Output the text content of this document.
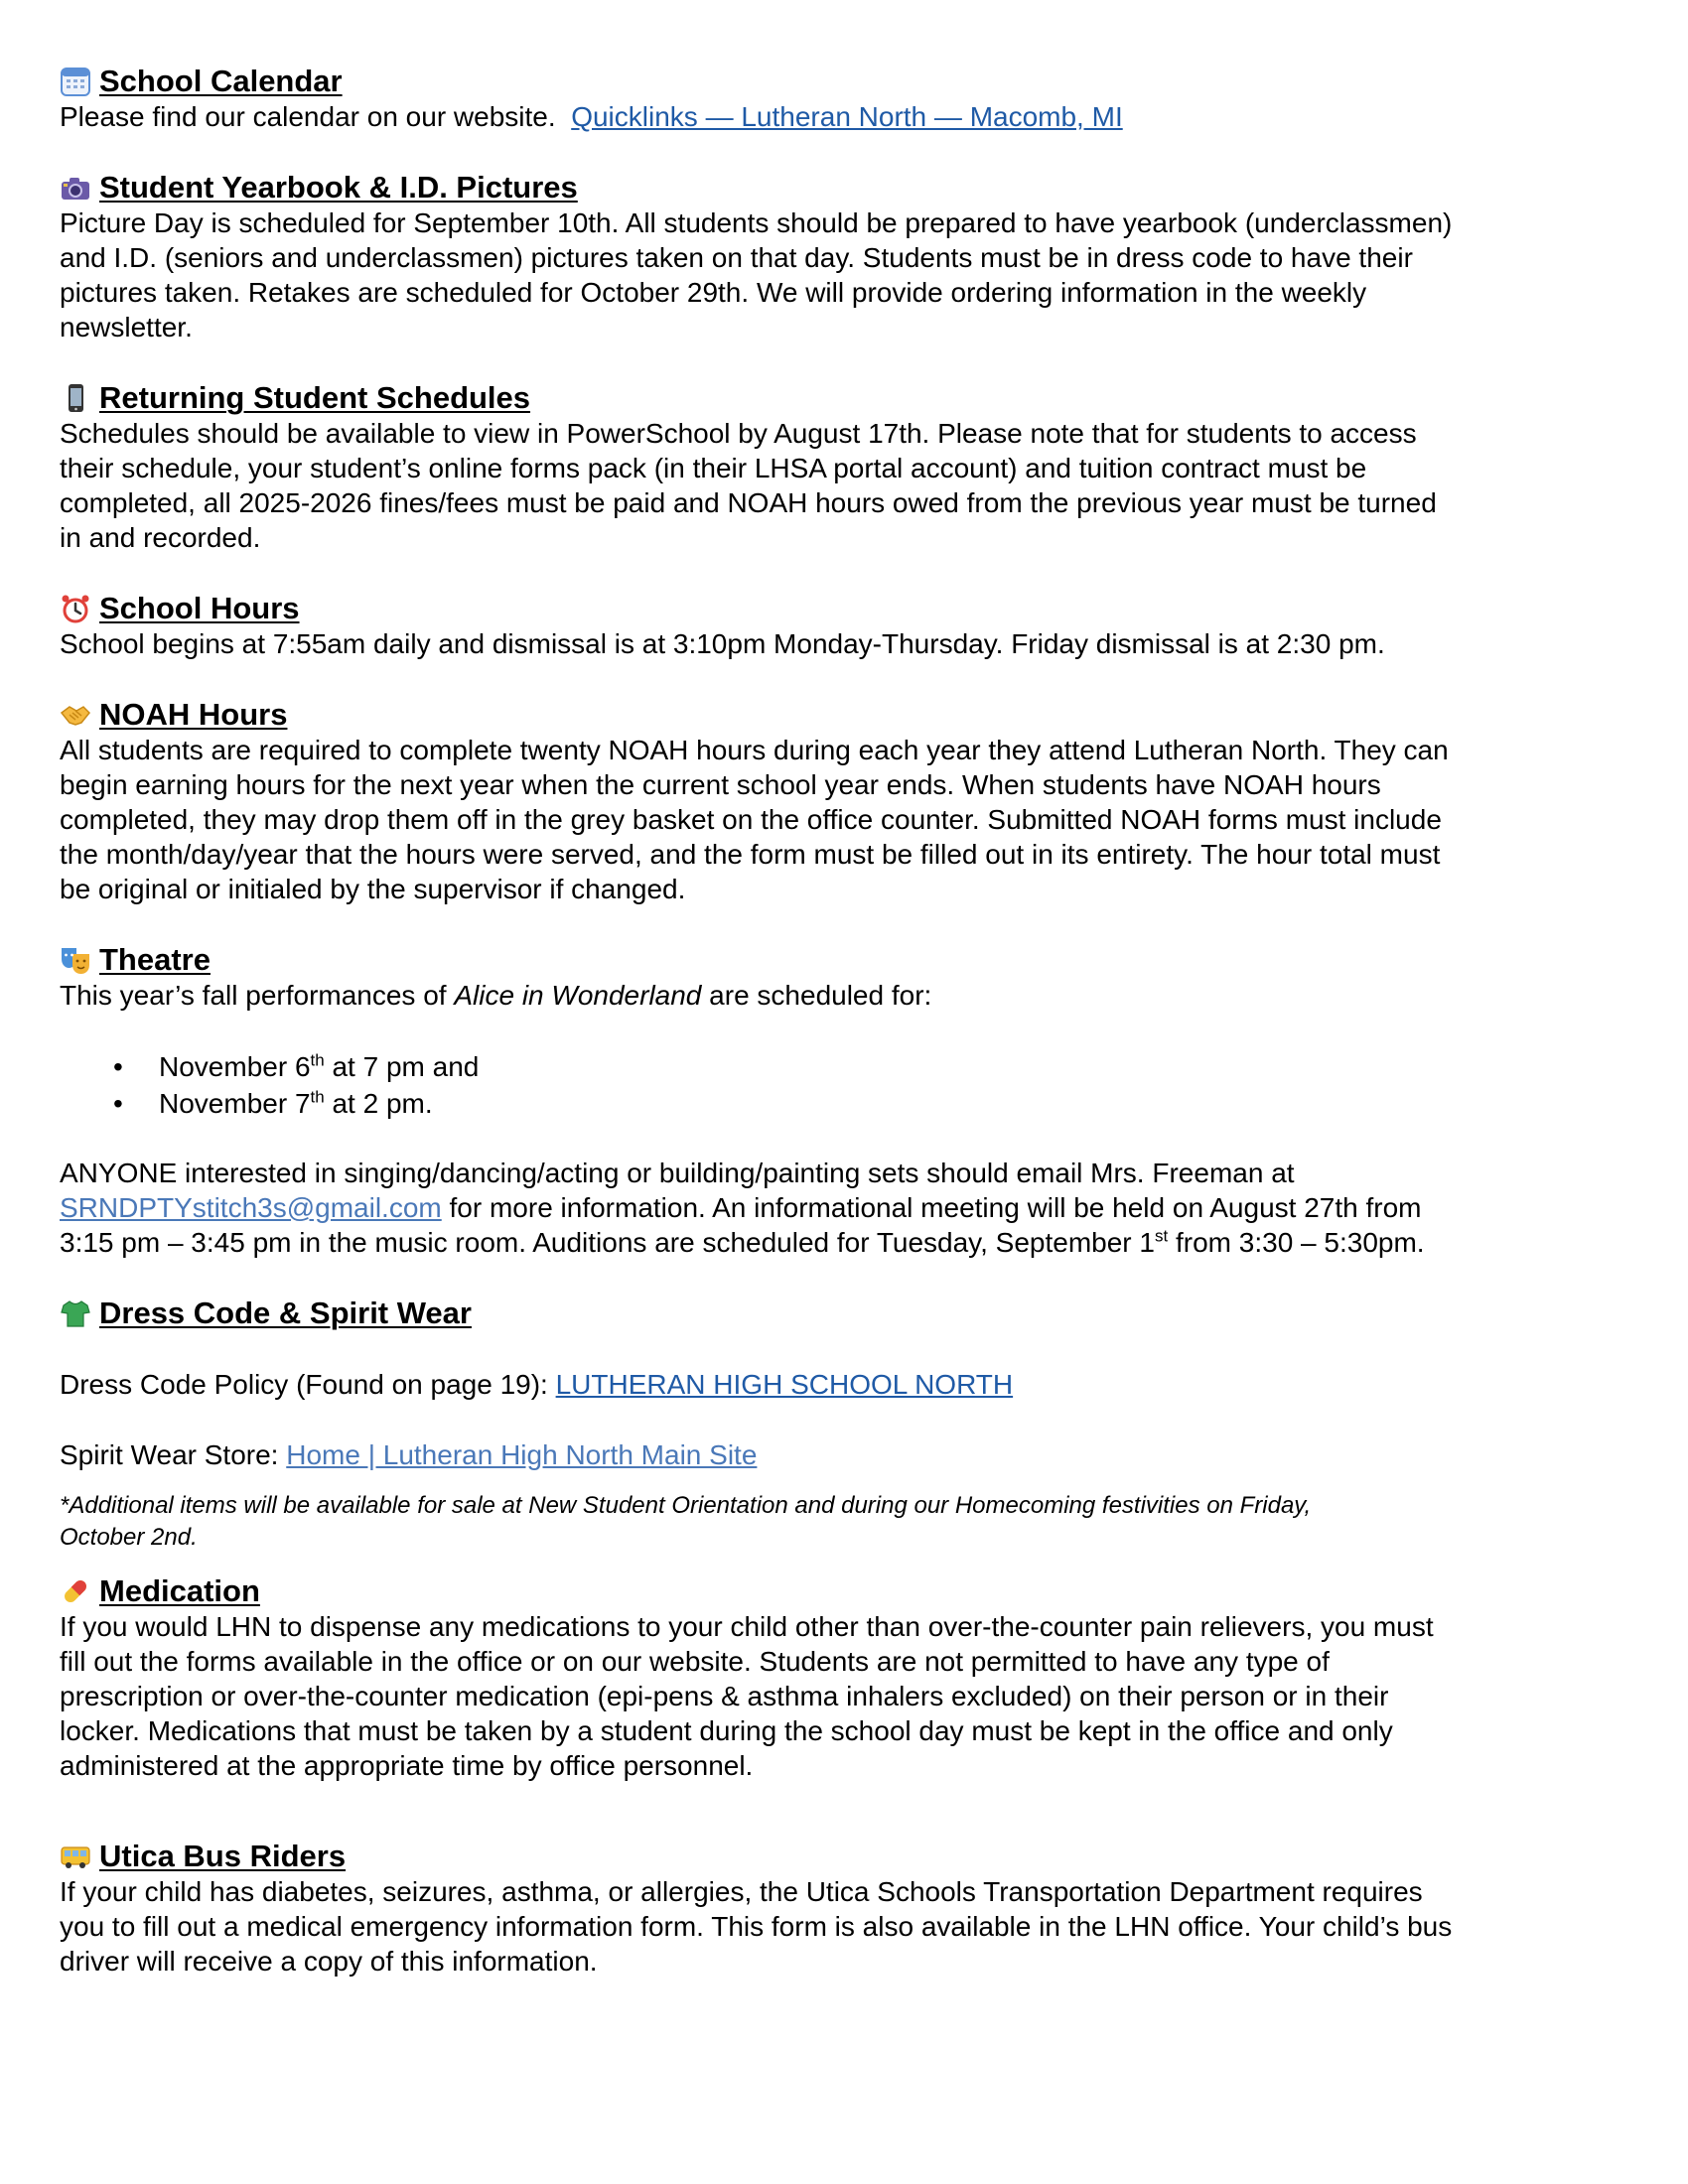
School Calendar

Please find our calendar on our website. Quicklinks — Lutheran North — Macomb, MI

Student Yearbook & I.D. Pictures

Picture Day is scheduled for September 10th. All students should be prepared to have yearbook (underclassmen)
and I.D. (seniors and underclassmen) pictures taken on that day. Students must be in dress code to have their
pictures taken. Retakes are scheduled for October 29th. We will provide ordering information in the weekly
newsletter.

Returning Student Schedules

Schedules should be available to view in PowerSchool by August 17th. Please note that for students to access
their schedule, your student’s online forms pack (in their LHSA portal account) and tuition contract must be
completed, all 2025-2026 fines/fees must be paid and NOAH hours owed from the previous year must be turned
in and recorded.

School Hours

School begins at 7:55am daily and dismissal is at 3:10pm Monday-Thursday. Friday dismissal is at 2:30 pm.

NOAH Hours

All students are required to complete twenty NOAH hours during each year they attend Lutheran North. They can
begin earning hours for the next year when the current school year ends. When students have NOAH hours
completed, they may drop them off in the grey basket on the office counter. Submitted NOAH forms must include
the month/day/year that the hours were served, and the form must be filled out in its entirety. The hour total must
be original or initialed by the supervisor if changed.

Theatre

This year’s fall performances of Alice in Wonderland are scheduled for:

• November 6th at 7 pm and
• November 7th at 2 pm.

ANYONE interested in singing/dancing/acting or building/painting sets should email Mrs. Freeman at
SRNDPTYstitch3s@gmail.com for more information. An informational meeting will be held on August 27th from
3:15 pm – 3:45 pm in the music room. Auditions are scheduled for Tuesday, September 1st from 3:30 – 5:30pm.

Dress Code & Spirit Wear

Dress Code Policy (Found on page 19): LUTHERAN HIGH SCHOOL NORTH

Spirit Wear Store: Home | Lutheran High North Main Site

*Additional items will be available for sale at New Student Orientation and during our Homecoming festivities on Friday,
October 2nd.

Medication

If you would LHN to dispense any medications to your child other than over-the-counter pain relievers, you must
fill out the forms available in the office or on our website. Students are not permitted to have any type of
prescription or over-the-counter medication (epi-pens & asthma inhalers excluded) on their person or in their
locker. Medications that must be taken by a student during the school day must be kept in the office and only
administered at the appropriate time by office personnel.

Utica Bus Riders

If your child has diabetes, seizures, asthma, or allergies, the Utica Schools Transportation Department requires
you to fill out a medical emergency information form. This form is also available in the LHN office. Your child’s bus
driver will receive a copy of this information.
